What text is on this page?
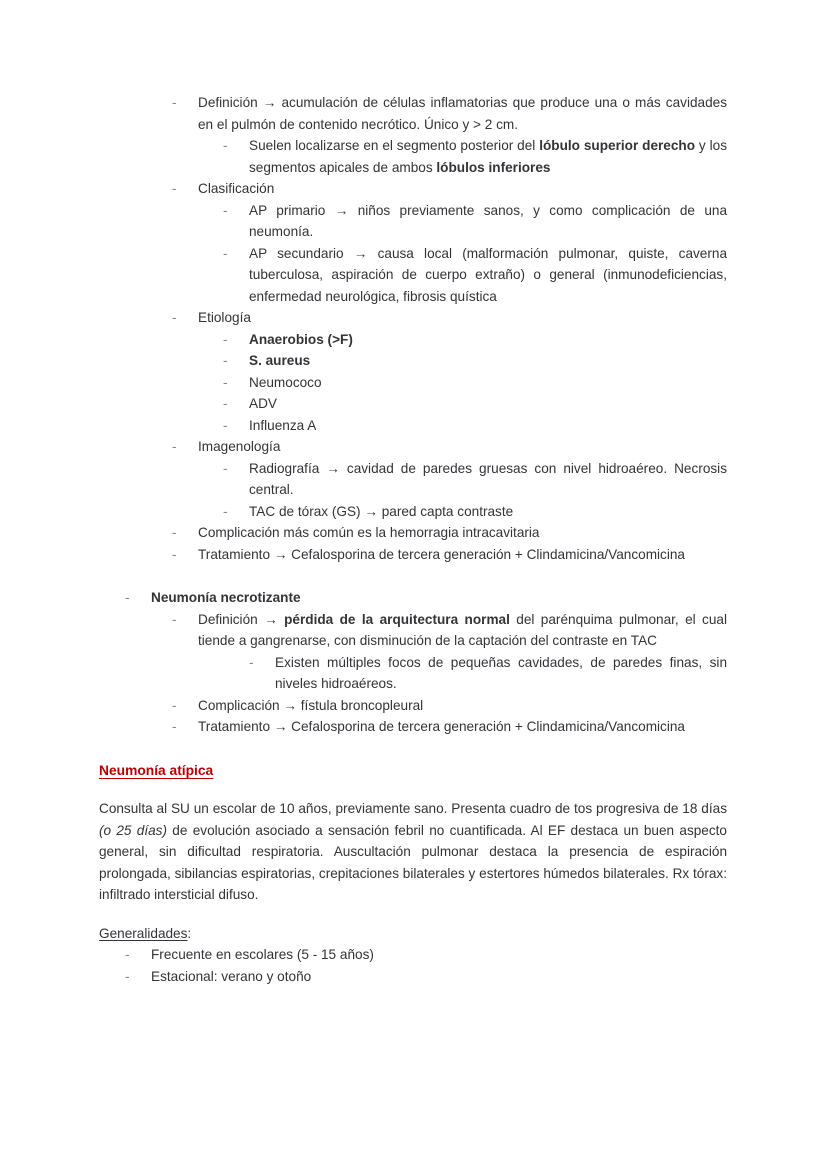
-	Definición → acumulación de células inflamatorias que produce una o más cavidades en el pulmón de contenido necrótico. Único y > 2 cm.
-	Suelen localizarse en el segmento posterior del lóbulo superior derecho y los segmentos apicales de ambos lóbulos inferiores
-	Clasificación
-	AP primario → niños previamente sanos, y como complicación de una neumonía.
-	AP secundario → causa local (malformación pulmonar, quiste, caverna tuberculosa, aspiración de cuerpo extraño) o general (inmunodeficiencias, enfermedad neurológica, fibrosis quística
-	Etiología
-	Anaerobios (>F)
-	S. aureus
-	Neumococo
-	ADV
-	Influenza A
-	Imagenología
-	Radiografía → cavidad de paredes gruesas con nivel hidroaéreo. Necrosis central.
-	TAC de tórax (GS) → pared capta contraste
-	Complicación más común es la hemorragia intracavitaria
-	Tratamiento → Cefalosporina de tercera generación + Clindamicina/Vancomicina
-	Neumonía necrotizante
-	Definición → pérdida de la arquitectura normal del parénquima pulmonar, el cual tiende a gangrenarse, con disminución de la captación del contraste en TAC
-	Existen múltiples focos de pequeñas cavidades, de paredes finas, sin niveles hidroaéreos.
-	Complicación → fístula broncopleural
-	Tratamiento → Cefalosporina de tercera generación + Clindamicina/Vancomicina
Neumonía atípica

Consulta al SU un escolar de 10 años, previamente sano. Presenta cuadro de tos progresiva de 18 días (o 25 días) de evolución asociado a sensación febril no cuantificada. Al EF destaca un buen aspecto general, sin dificultad respiratoria. Auscultación pulmonar destaca la presencia de espiración prolongada, sibilancias espiratorias, crepitaciones bilaterales y estertores húmedos bilaterales. Rx tórax: infiltrado intersticial difuso.

Generalidades:

-	Frecuente en escolares (5 - 15 años)
-	Estacional: verano y otoño
